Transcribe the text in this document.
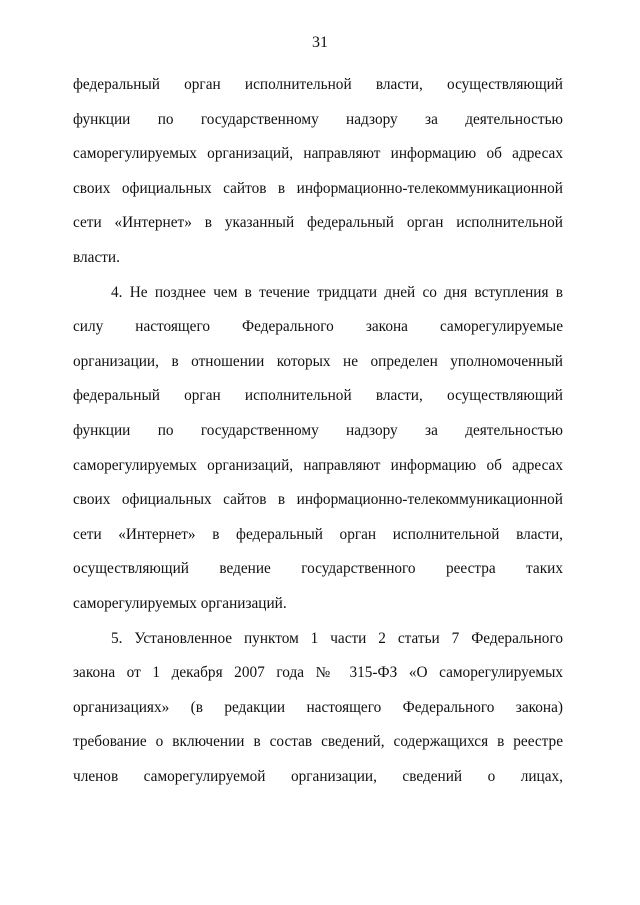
31
федеральный орган исполнительной власти, осуществляющий
функции по государственному надзору за деятельностью
саморегулируемых организаций, направляют информацию об адресах
своих официальных сайтов в информационно-телекоммуникационной
сети «Интернет» в указанный федеральный орган исполнительной
власти.
4. Не позднее чем в течение тридцати дней со дня вступления в
силу настоящего Федерального закона саморегулируемые
организации, в отношении которых не определен уполномоченный
федеральный орган исполнительной власти, осуществляющий
функции по государственному надзору за деятельностью
саморегулируемых организаций, направляют информацию об адресах
своих официальных сайтов в информационно-телекоммуникационной
сети «Интернет» в федеральный орган исполнительной власти,
осуществляющий ведение государственного реестра таких
саморегулируемых организаций.
5. Установленное пунктом 1 части 2 статьи 7 Федерального
закона от 1 декабря 2007 года № 315-ФЗ «О саморегулируемых
организациях» (в редакции настоящего Федерального закона)
требование о включении в состав сведений, содержащихся в реестре
членов саморегулируемой организации, сведений о лицах,
